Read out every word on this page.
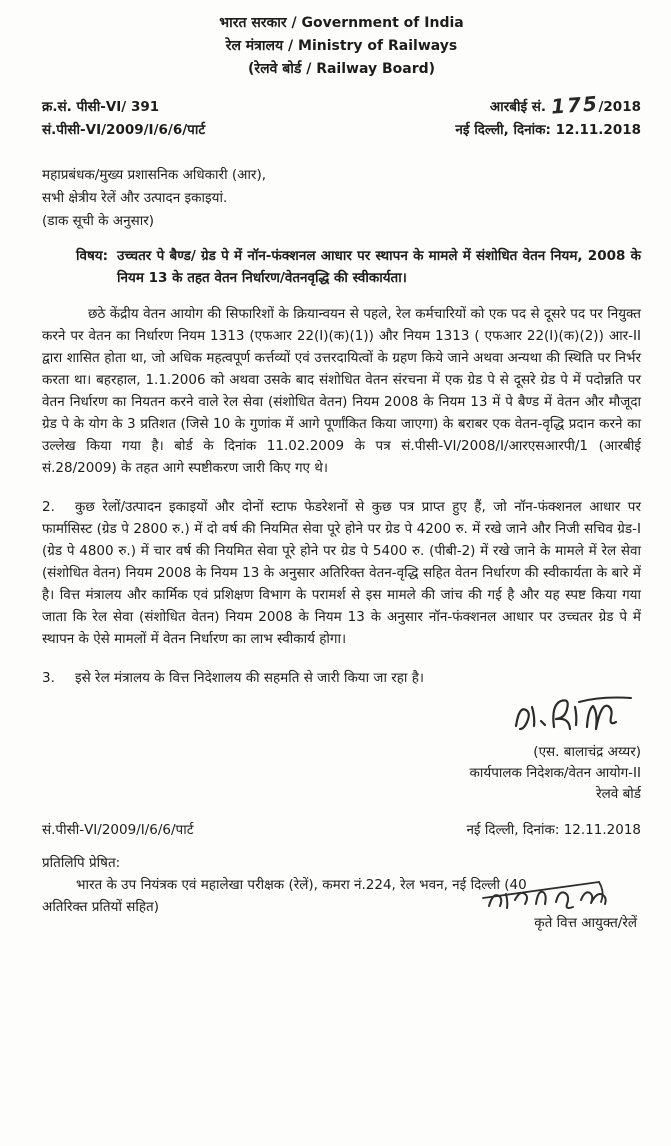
भारत सरकार / Government of India
रेल मंत्रालय / Ministry of Railways
(रेलवे बोर्ड / Railway Board)
क्र.सं. पीसी-VI/ 391
सं.पीसी-VI/2009/I/6/6/पार्ट
आरबीई सं. 175/2018
नई दिल्ली, दिनांक: 12.11.2018
महाप्रबंधक/मुख्य प्रशासनिक अधिकारी (आर),
सभी क्षेत्रीय रेलें और उत्पादन इकाइयां.
(डाक सूची के अनुसार)
विषय: उच्चतर पे बैण्ड/ ग्रेड पे में नॉन-फंक्शनल आधार पर स्थापन के मामले में संशोधित वेतन नियम, 2008 के नियम 13 के तहत वेतन निर्धारण/वेतनवृद्धि की स्वीकार्यता।

छठे केंद्रीय वेतन आयोग की सिफारिशों के क्रियान्वयन से पहले, रेल कर्मचारियों को एक पद से दूसरे पद पर नियुक्त करने पर वेतन का निर्धारण नियम 1313 (एफआर 22(I)(क)(1)) और नियम 1313 ( एफआर 22(I)(क)(2)) आर-II द्वारा शासित होता था, जो अधिक महत्वपूर्ण कर्त्तव्यों एवं उत्तरदायित्वों के ग्रहण किये जाने अथवा अन्यथा की स्थिति पर निर्भर करता था। बहरहाल, 1.1.2006 को अथवा उसके बाद संशोधित वेतन संरचना में एक ग्रेड पे से दूसरे ग्रेड पे में पदोन्नति पर वेतन निर्धारण का नियतन करने वाले रेल सेवा (संशोधित वेतन) नियम 2008 के नियम 13 में पे बैण्ड में वेतन और मौजूदा ग्रेड पे के योग के 3 प्रतिशत (जिसे 10 के गुणांक में आगे पूर्णांकित किया जाएगा) के बराबर एक वेतन-वृद्धि प्रदान करने का उल्लेख किया गया है। बोर्ड के दिनांक 11.02.2009 के पत्र सं.पीसी-VI/2008/I/आरएसआरपी/1 (आरबीई सं.28/2009) के तहत आगे स्पष्टीकरण जारी किए गए थे।

2. कुछ रेलों/उत्पादन इकाइयों और दोनों स्टाफ फेडरेशनों से कुछ पत्र प्राप्त हुए हैं, जो नॉन-फंक्शनल आधार पर फार्मासिस्ट (ग्रेड पे 2800 रु.) में दो वर्ष की नियमित सेवा पूरे होने पर ग्रेड पे 4200 रु. में रखे जाने और निजी सचिव ग्रेड-I (ग्रेड पे 4800 रु.) में चार वर्ष की नियमित सेवा पूरे होने पर ग्रेड पे 5400 रु. (पीबी-2) में रखे जाने के मामले में रेल सेवा (संशोधित वेतन) नियम 2008 के नियम 13 के अनुसार अतिरिक्त वेतन-वृद्धि सहित वेतन निर्धारण की स्वीकार्यता के बारे में है। वित्त मंत्रालय और कार्मिक एवं प्रशिक्षण विभाग के परामर्श से इस मामले की जांच की गई है और यह स्पष्ट किया गया जाता कि रेल सेवा (संशोधित वेतन) नियम 2008 के नियम 13 के अनुसार नॉन-फंक्शनल आधार पर उच्चतर ग्रेड पे में स्थापन के ऐसे मामलों में वेतन निर्धारण का लाभ स्वीकार्य होगा।

3. इसे रेल मंत्रालय के वित्त निदेशालय की सहमति से जारी किया जा रहा है।

(एस. बालाचंद्र अय्यर)
कार्यपालक निदेशक/वेतन आयोग-II
रेलवे बोर्ड
सं.पीसी-VI/2009/I/6/6/पार्ट	नई दिल्ली, दिनांक: 12.11.2018
प्रतिलिपि प्रेषित:
भारत के उप नियंत्रक एवं महालेखा परीक्षक (रेलें), कमरा नं.224, रेल भवन, नई दिल्ली (40
अतिरिक्त प्रतियों सहित)
कृते वित्त आयुक्त/रेलें
